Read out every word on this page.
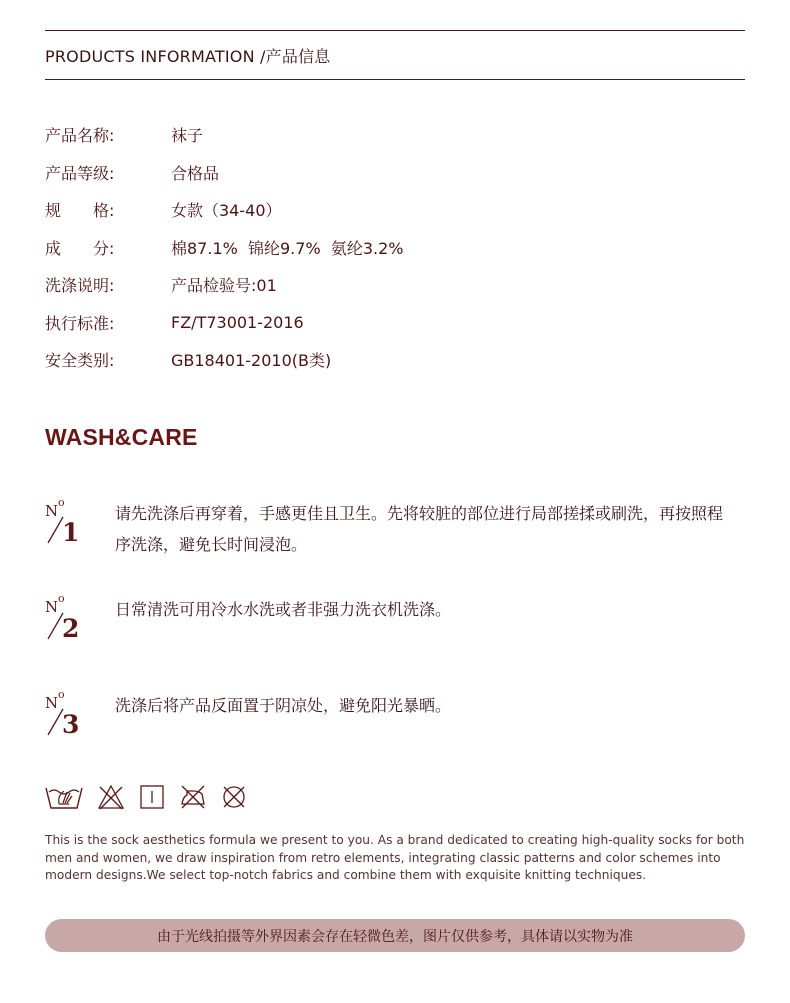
PRODUCTS INFORMATION /产品信息
产品名称:	袜子
产品等级:	合格品
规　　格:	女款（34-40）
成　　分:	棉87.1%  锦纶9.7%  氨纶3.2%
洗涤说明:	产品检验号:01
执行标准:	FZ/T73001-2016
安全类别:	GB18401-2010(B类)
WASH&CARE
N o
1
请先洗涤后再穿着，手感更佳且卫生。先将较脏的部位进行局部搓揉或刷洗，再按照程序洗涤，避免长时间浸泡。
N o
2
日常清洗可用冷水水洗或者非强力洗衣机洗涤。
N o
3
洗涤后将产品反面置于阴凉处，避免阳光暴晒。
This is the sock aesthetics formula we present to you. As a brand dedicated to creating high-quality socks for both men and women, we draw inspiration from retro elements, integrating classic patterns and color schemes into modern designs.We select top-notch fabrics and combine them with exquisite knitting techniques.
由于光线拍摄等外界因素会存在轻微色差，图片仅供参考，具体请以实物为准
